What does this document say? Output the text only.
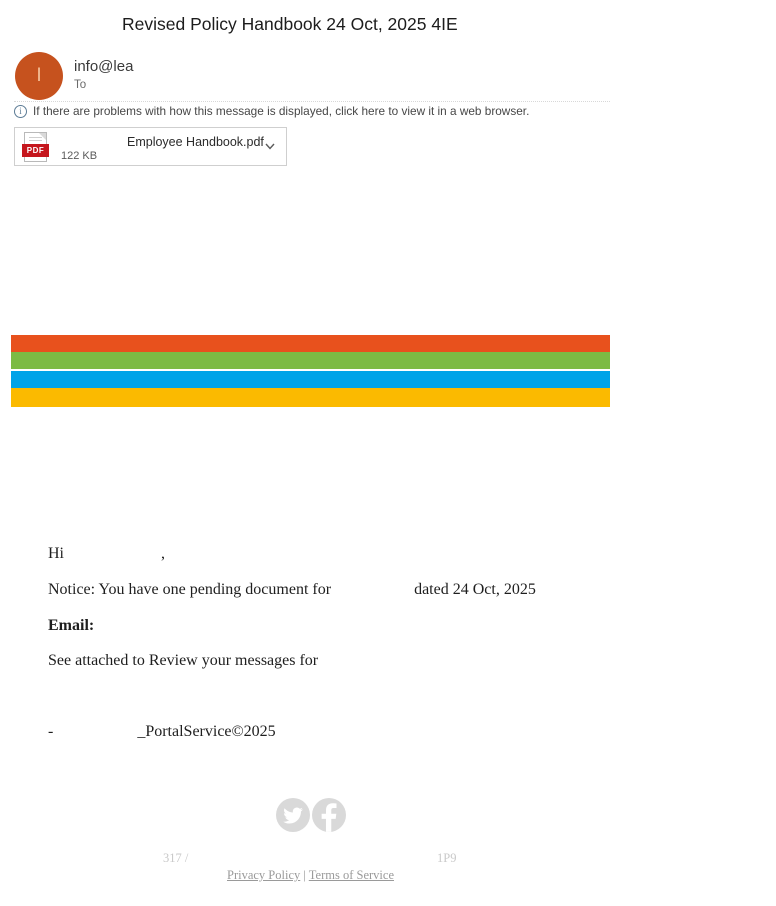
Revised Policy Handbook 24 Oct, 2025 4IE
I info@lea
To
i If there are problems with how this message is displayed, click here to view it in a web browser.
PDF
Employee Handbook.pdf
122 KB
Hi	,
Notice: You have one pending document for	dated 24 Oct, 2025
Email:
See attached to Review your messages for
-	_PortalService©2025
317 /	1P9
Privacy Policy | Terms of Service
